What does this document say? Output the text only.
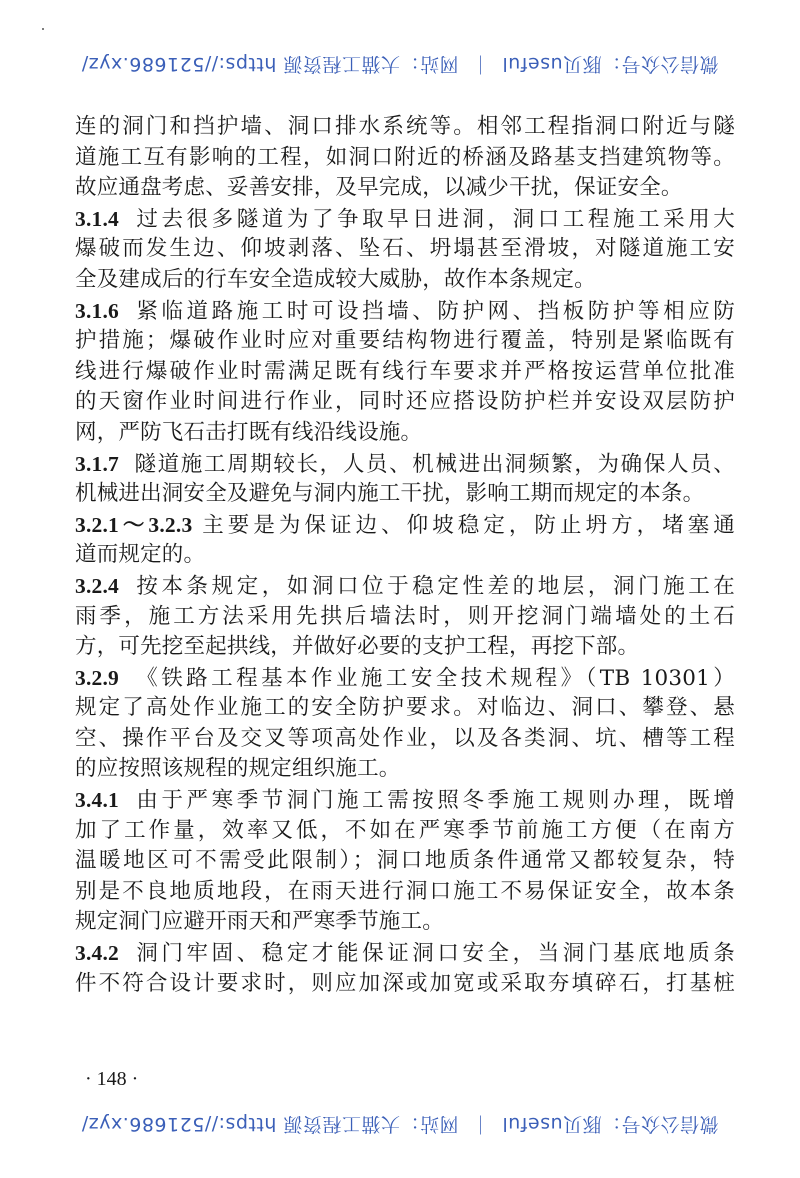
微信公众号：豚贝useful｜网站：大猫工程资源 https://521686.xyz/
连的洞门和挡护墙、洞口排水系统等。相邻工程指洞口附近与隧
道施工互有影响的工程，如洞口附近的桥涵及路基支挡建筑物等。
故应通盘考虑、妥善安排，及早完成，以减少干扰，保证安全。
3.1.4 过去很多隧道为了争取早日进洞，洞口工程施工采用大
爆破而发生边、仰坡剥落、坠石、坍塌甚至滑坡，对隧道施工安
全及建成后的行车安全造成较大威胁，故作本条规定。
3.1.6 紧临道路施工时可设挡墙、防护网、挡板防护等相应防
护措施；爆破作业时应对重要结构物进行覆盖，特别是紧临既有
线进行爆破作业时需满足既有线行车要求并严格按运营单位批准
的天窗作业时间进行作业，同时还应搭设防护栏并安设双层防护
网，严防飞石击打既有线沿线设施。
3.1.7 隧道施工周期较长，人员、机械进出洞频繁，为确保人员、
机械进出洞安全及避免与洞内施工干扰，影响工期而规定的本条。
3.2.1～3.2.3 主要是为保证边、仰坡稳定，防止坍方，堵塞通
道而规定的。
3.2.4 按本条规定，如洞口位于稳定性差的地层，洞门施工在
雨季，施工方法采用先拱后墙法时，则开挖洞门端墙处的土石
方，可先挖至起拱线，并做好必要的支护工程，再挖下部。
3.2.9 《铁路工程基本作业施工安全技术规程》（TB 10301）
规定了高处作业施工的安全防护要求。对临边、洞口、攀登、悬
空、操作平台及交叉等项高处作业，以及各类洞、坑、槽等工程
的应按照该规程的规定组织施工。
3.4.1 由于严寒季节洞门施工需按照冬季施工规则办理，既增
加了工作量，效率又低，不如在严寒季节前施工方便（在南方
温暖地区可不需受此限制）；洞口地质条件通常又都较复杂，特
别是不良地质地段，在雨天进行洞口施工不易保证安全，故本条
规定洞门应避开雨天和严寒季节施工。
3.4.2 洞门牢固、稳定才能保证洞口安全，当洞门基底地质条
件不符合设计要求时，则应加深或加宽或采取夯填碎石，打基桩
· 148 ·
微信公众号：豚贝useful｜网站：大猫工程资源 https://521686.xyz/
